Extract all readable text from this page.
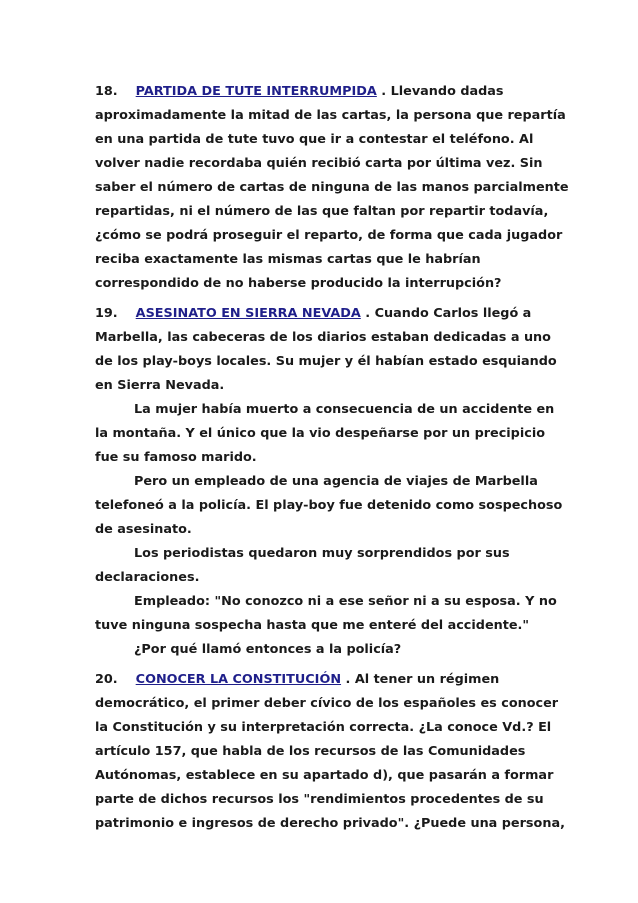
18. PARTIDA DE TUTE INTERRUMPIDA . Llevando dadas
aproximadamente la mitad de las cartas, la persona que repartía
en una partida de tute tuvo que ir a contestar el teléfono. Al
volver nadie recordaba quién recibió carta por última vez. Sin
saber el número de cartas de ninguna de las manos parcialmente
repartidas, ni el número de las que faltan por repartir todavía,
¿cómo se podrá proseguir el reparto, de forma que cada jugador
reciba exactamente las mismas cartas que le habrían
correspondido de no haberse producido la interrupción?
19. ASESINATO EN SIERRA NEVADA . Cuando Carlos llegó a
Marbella, las cabeceras de los diarios estaban dedicadas a uno
de los play-boys locales. Su mujer y él habían estado esquiando
en Sierra Nevada.
La mujer había muerto a consecuencia de un accidente en
la montaña. Y el único que la vio despeñarse por un precipicio
fue su famoso marido.
Pero un empleado de una agencia de viajes de Marbella
telefoneó a la policía. El play-boy fue detenido como sospechoso
de asesinato.
Los periodistas quedaron muy sorprendidos por sus
declaraciones.
Empleado: "No conozco ni a ese señor ni a su esposa. Y no
tuve ninguna sospecha hasta que me enteré del accidente."
¿Por qué llamó entonces a la policía?
20. CONOCER LA CONSTITUCIÓN . Al tener un régimen
democrático, el primer deber cívico de los españoles es conocer
la Constitución y su interpretación correcta. ¿La conoce Vd.? El
artículo 157, que habla de los recursos de las Comunidades
Autónomas, establece en su apartado d), que pasarán a formar
parte de dichos recursos los "rendimientos procedentes de su
patrimonio e ingresos de derecho privado". ¿Puede una persona,
